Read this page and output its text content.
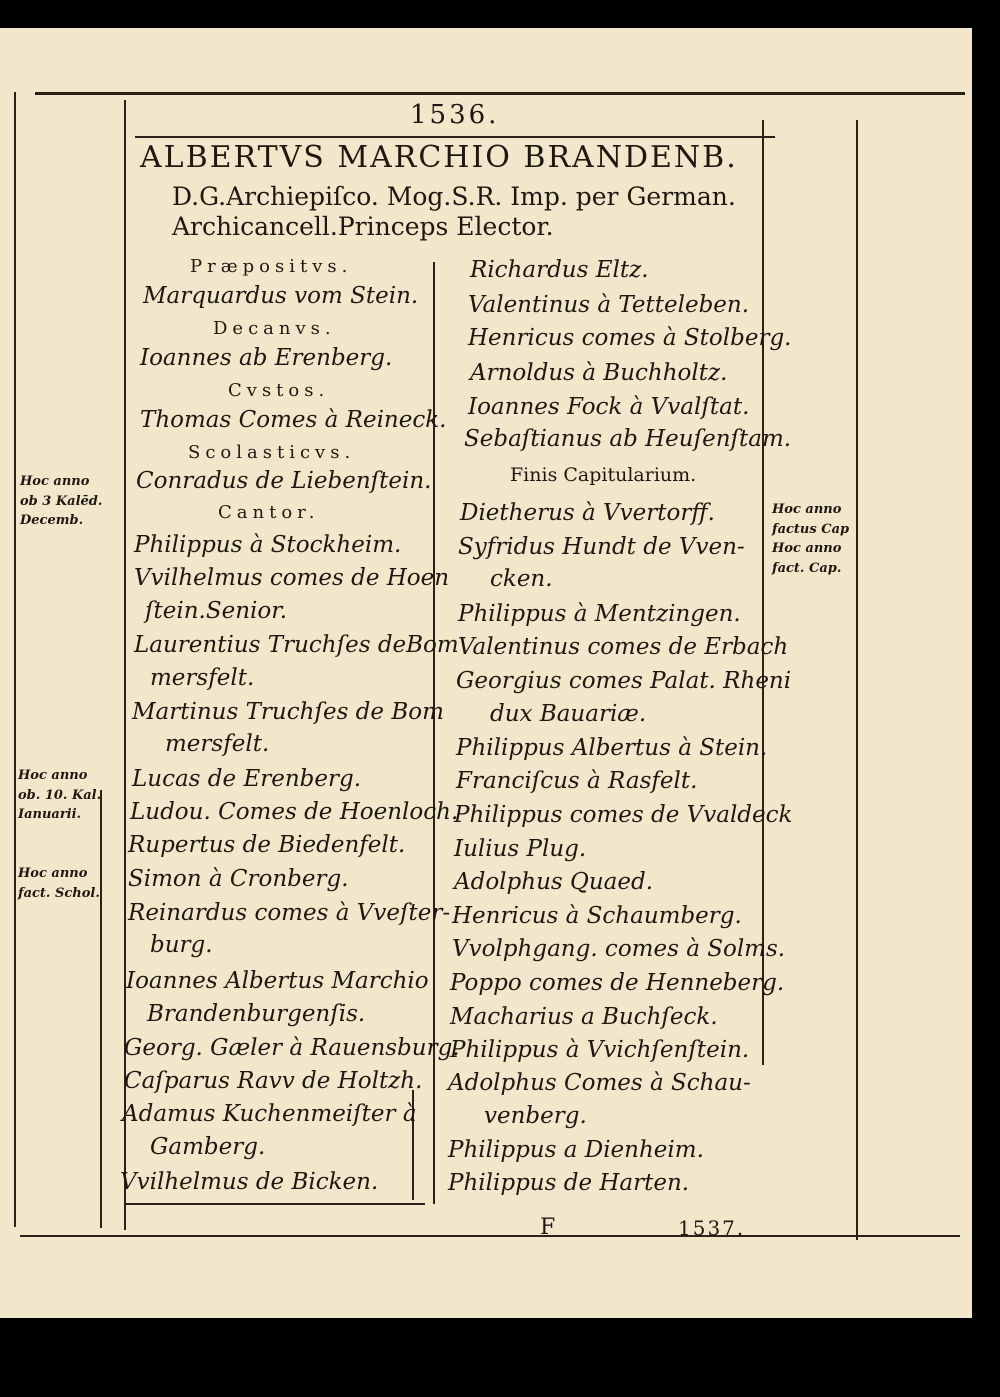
1536.
ALBERTVS MARCHIO BRANDENB.
D.G.Archiepiſco. Mog.S.R. Imp. per German.
Archicancell.Princeps Elector.
Præpositvs.
Marquardus vom Stein.
Decanvs.
Ioannes ab Erenberg.
Cvstos.
Thomas Comes à Reineck.
Scolasticvs.
Conradus de Liebenſtein.
Cantor.
Philippus à Stockheim.
Vvilhelmus comes de Hoen
ſtein.Senior.
Laurentius Truchſes deBom
mersfelt.
Martinus Truchſes de Bom
mersfelt.
Lucas de Erenberg.
Ludou. Comes de Hoenloch.
Rupertus de Biedenfelt.
Simon à Cronberg.
Reinardus comes à Vveſter-
burg.
Ioannes Albertus Marchio
Brandenburgenſis.
Georg. Gæler à Rauensburg.
Caſparus Ravv de Holtzh.
Adamus Kuchenmeiſter à
Gamberg.
Vvilhelmus de Bicken.
Richardus Eltz.
Valentinus à Tetteleben.
Henricus comes à Stolberg.
Arnoldus à Buchholtz.
Ioannes Fock à Vvalſtat.
Sebaſtianus ab Heuſenſtam.
Finis Capitularium.
Dietherus à Vvertorff.
Syfridus Hundt de Vven-
cken.
Philippus à Mentzingen.
Valentinus comes de Erbach
Georgius comes Palat. Rheni
dux Bauariæ.
Philippus Albertus à Stein.
Franciſcus à Rasfelt.
Philippus comes de Vvaldeck
Iulius Plug.
Adolphus Quaed.
Henricus à Schaumberg.
Vvolphgang. comes à Solms.
Poppo comes de Henneberg.
Macharius a Buchſeck.
Philippus à Vvichſenſtein.
Adolphus Comes à Schau-
venberg.
Philippus a Dienheim.
Philippus de Harten.
Hoc anno
ob 3 Kalēd.
Decemb.
Hoc anno
ob. 10. Kal.
Ianuarii.
Hoc anno
fact. Schol.
Hoc anno
factus Cap
Hoc anno
fact. Cap.
F	1537.
